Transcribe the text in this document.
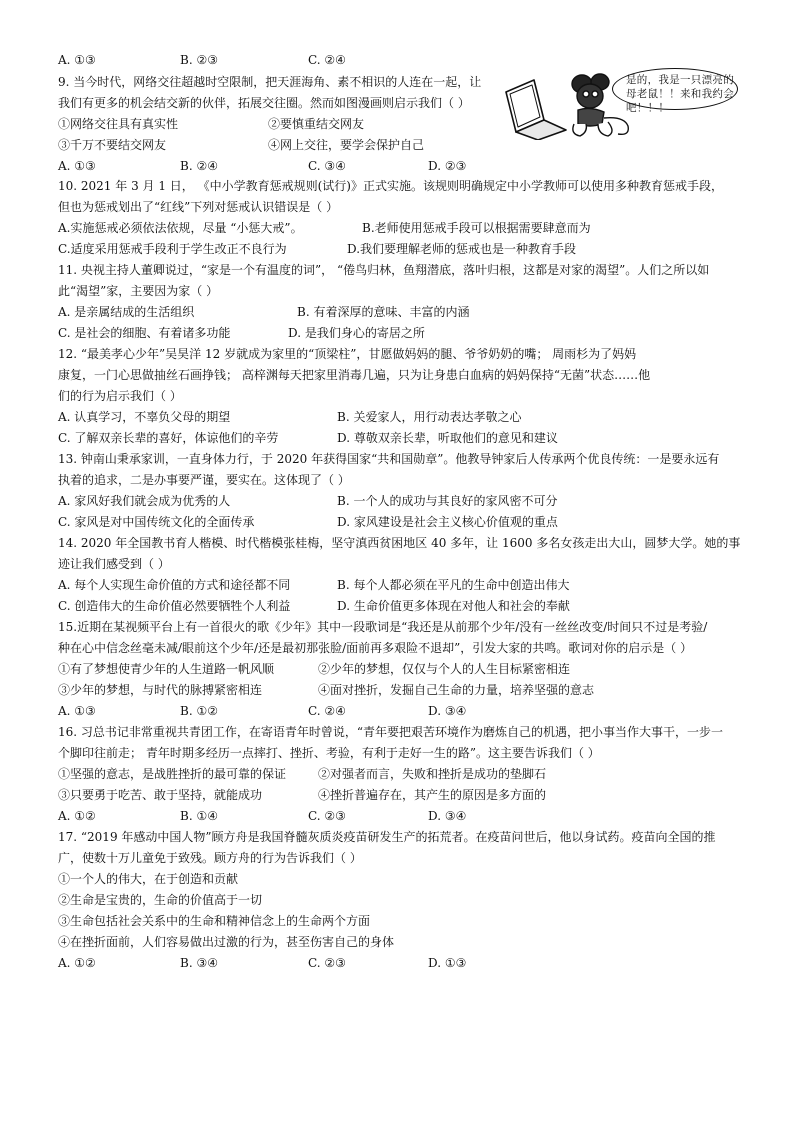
A. ①③	B. ②③	C. ②④
9. 当今时代，网络交往超越时空限制，把天涯海角、素不相识的人连在一起，让
我们有更多的机会结交新的伙伴，拓展交往圈。然而如图漫画则启示我们（ ）
①网络交往具有真实性	②要慎重结交网友
③千万不要结交网友	④网上交往，要学会保护自己
A. ①③	B. ②④	C. ③④	D. ②③
是的，我是一只漂亮的母老鼠！！来和我约会吧！！！
10. 2021 年 3 月 1 日， 《中小学教育惩戒规则(试行)》正式实施。该规则明确规定中小学教师可以使用多种教育惩戒手段，
但也为惩戒划出了“红线”下列对惩戒认识错误是（ ）
A.实施惩戒必须依法依规，尽量 “小惩大戒”。	B.老师使用惩戒手段可以根据需要肆意而为
C.适度采用惩戒手段利于学生改正不良行为	D.我们要理解老师的惩戒也是一种教育手段
11. 央视主持人董卿说过，“家是一个有温度的词”， “倦鸟归林，鱼翔潜底，落叶归根，这都是对家的渴望”。人们之所以如
此“渴望”家，主要因为家（ ）
A. 是亲属结成的生活组织	B. 有着深厚的意味、丰富的内涵
C. 是社会的细胞、有着诸多功能	D. 是我们身心的寄居之所
12. “最美孝心少年”吴昊洋 12 岁就成为家里的“顶梁柱”，甘愿做妈妈的腿、爷爷奶奶的嘴； 周雨杉为了妈妈
康复，一门心思做抽丝石画挣钱； 高梓渊每天把家里消毒几遍，只为让身患白血病的妈妈保持“无菌”状态……他
们的行为启示我们（ ）
A. 认真学习，不辜负父母的期望	B. 关爱家人，用行动表达孝敬之心
C. 了解双亲长辈的喜好，体谅他们的辛劳	D. 尊敬双亲长辈，听取他们的意见和建议
13. 钟南山秉承家训，一直身体力行，于 2020 年获得国家“共和国勋章”。他教导钟家后人传承两个优良传统：一是要永远有
执着的追求，二是办事要严谨，要实在。这体现了（ ）
A. 家风好我们就会成为优秀的人	B. 一个人的成功与其良好的家风密不可分
C. 家风是对中国传统文化的全面传承	D. 家风建设是社会主义核心价值观的重点
14. 2020 年全国教书育人楷模、时代楷模张桂梅，坚守滇西贫困地区 40 多年，让 1600 多名女孩走出大山，圆梦大学。她的事
迹让我们感受到（ ）
A. 每个人实现生命价值的方式和途径都不同	B. 每个人都必须在平凡的生命中创造出伟大
C. 创造伟大的生命价值必然要牺牲个人利益	D. 生命价值更多体现在对他人和社会的奉献
15.近期在某视频平台上有一首很火的歌《少年》其中一段歌词是“我还是从前那个少年/没有一丝丝改变/时间只不过是考验/
种在心中信念丝毫未减/眼前这个少年/还是最初那张脸/面前再多艰险不退却”，引发大家的共鸣。歌词对你的启示是（ ）
①有了梦想使青少年的人生道路一帆风顺	②少年的梦想，仅仅与个人的人生目标紧密相连
③少年的梦想，与时代的脉搏紧密相连	④面对挫折，发掘自己生命的力量，培养坚强的意志
A. ①③	B. ①②	C. ②④	D. ③④
16. 习总书记非常重视共青团工作，在寄语青年时曾说，“青年要把艰苦环境作为磨炼自己的机遇，把小事当作大事干，一步一
个脚印往前走； 青年时期多经历一点摔打、挫折、考验，有利于走好一生的路”。这主要告诉我们（ ）
①坚强的意志，是战胜挫折的最可靠的保证	②对强者而言，失败和挫折是成功的垫脚石
③只要勇于吃苦、敢于坚持，就能成功	④挫折普遍存在，其产生的原因是多方面的
A. ①②	B. ①④	C. ②③	D. ③④
17. “2019 年感动中国人物”顾方舟是我国脊髓灰质炎疫苗研发生产的拓荒者。在疫苗问世后，他以身试药。疫苗向全国的推
广，使数十万儿童免于致残。顾方舟的行为告诉我们（ ）
①一个人的伟大，在于创造和贡献
②生命是宝贵的，生命的价值高于一切
③生命包括社会关系中的生命和精神信念上的生命两个方面
④在挫折面前，人们容易做出过激的行为，甚至伤害自己的身体
A. ①②	B. ③④	C. ②③	D. ①③
